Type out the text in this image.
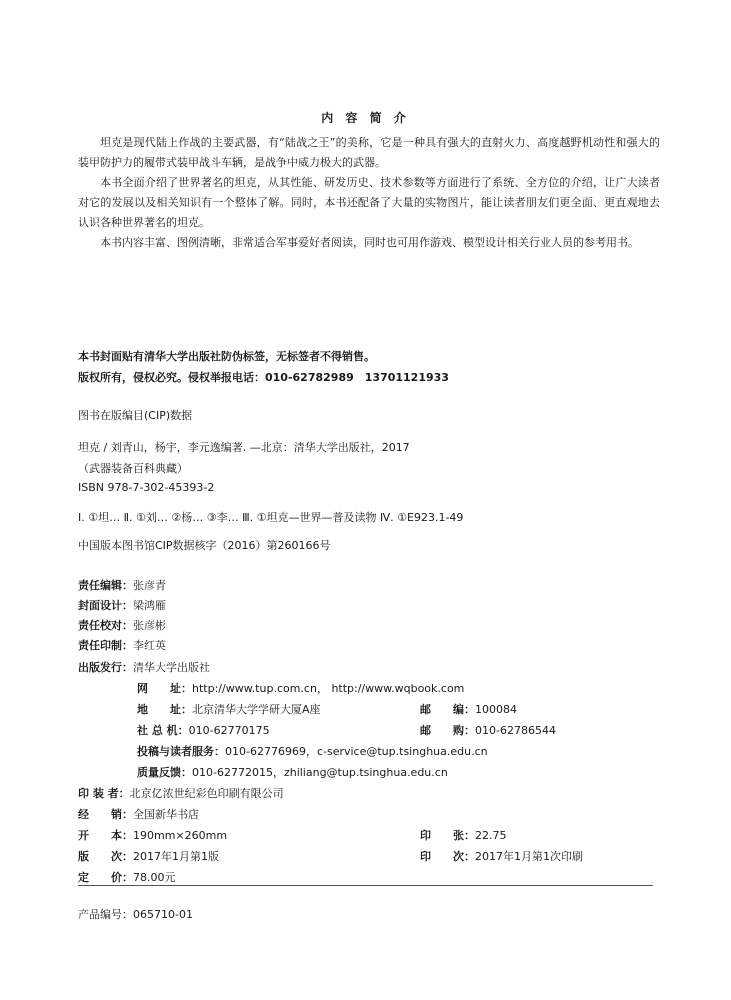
内 容 简 介

坦克是现代陆上作战的主要武器，有“陆战之王”的美称，它是一种具有强大的直射火力、高度越野机动性和强大的装甲防护力的履带式装甲战斗车辆，是战争中威力极大的武器。

本书全面介绍了世界著名的坦克，从其性能、研发历史、技术参数等方面进行了系统、全方位的介绍，让广大读者对它的发展以及相关知识有一个整体了解。同时，本书还配备了大量的实物图片，能让读者朋友们更全面、更直观地去认识各种世界著名的坦克。

本书内容丰富、图例清晰，非常适合军事爱好者阅读，同时也可用作游戏、模型设计相关行业人员的参考用书。

本书封面贴有清华大学出版社防伪标签，无标签者不得销售。
版权所有，侵权必究。侵权举报电话：010-62782989　13701121933
图书在版编目(CIP)数据
坦克 / 刘青山，杨宇，李元逸编著. —北京：清华大学出版社，2017
（武器装备百科典藏）
ISBN 978-7-302-45393-2
Ⅰ. ①坦… Ⅱ. ①刘… ②杨… ③李… Ⅲ. ①坦克—世界—普及读物 Ⅳ. ①E923.1-49
中国版本图书馆CIP数据核字（2016）第260166号
责任编辑：张彦青
封面设计：梁鸿雁
责任校对：张彦彬
责任印制：李红英
出版发行：清华大学出版社
网　　址：http://www.tup.com.cn， http://www.wqbook.com
地　　址：北京清华大学学研大厦A座	邮　　编：100084
社 总 机：010-62770175	邮　　购：010-62786544
投稿与读者服务：010-62776969，c-service@tup.tsinghua.edu.cn
质量反馈：010-62772015，zhiliang@tup.tsinghua.edu.cn
印 装 者：北京亿浓世纪彩色印刷有限公司
经　　销：全国新华书店
开　　本：190mm×260mm	印　　张：22.75
版　　次：2017年1月第1版	印　　次：2017年1月第1次印刷
定　　价：78.00元
产品编号：065710-01
